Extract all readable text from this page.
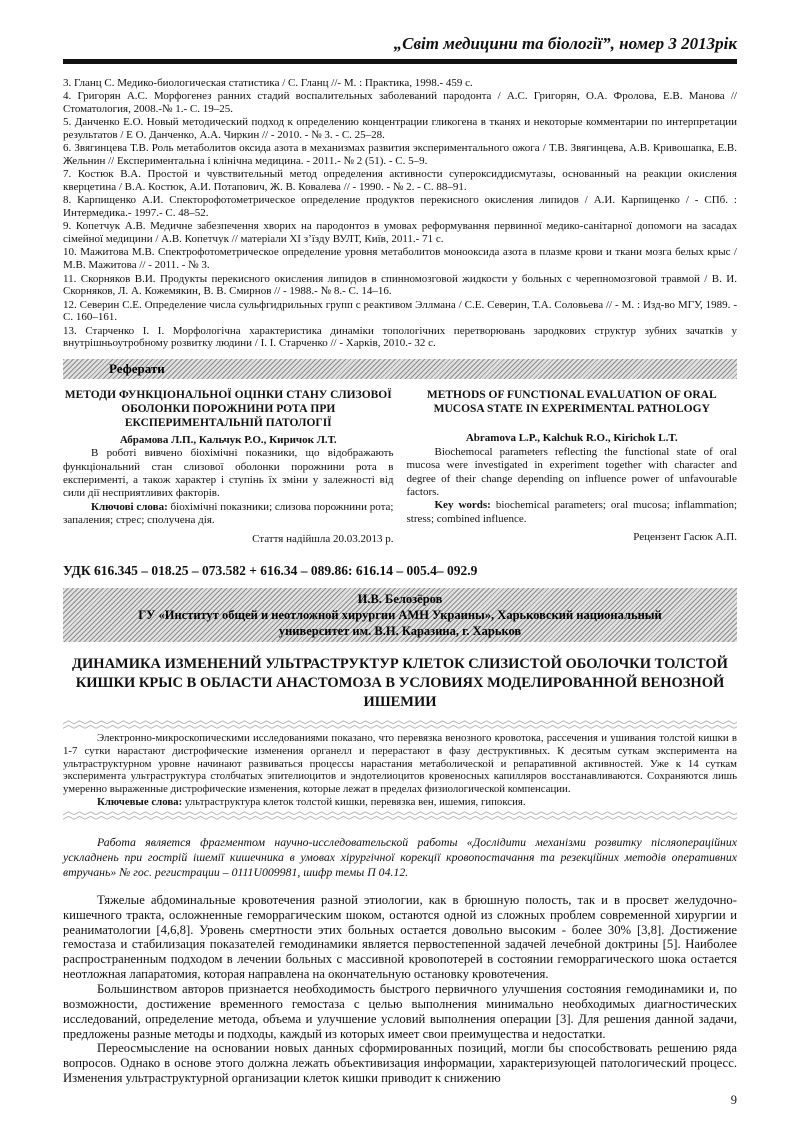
„Світ медицини та біології”, номер 3 2013рік

3. Гланц С. Медико-биологическая статистика / С. Гланц //- М. : Практика, 1998.- 459 с.

4. Григорян А.С. Морфогенез ранних стадий воспалительных заболеваний пародонта / А.С. Григорян, О.А. Фролова, Е.В. Манова // Стоматология, 2008.-№ 1.- С. 19–25.

5. Данченко Е.О. Новый методический подход к определению концентрации гликогена в тканях и некоторые комментарии по интерпретации результатов / Е О. Данченко, А.А. Чиркин // - 2010. - № 3. - С. 25–28.

6. Звягинцева Т.В. Роль метаболитов оксида азота в механизмах развития экспериментального ожога / Т.В. Звягинцева, А.В. Кривошапка, Е.В. Жельнин // Експериментальна і клінічна медицина. - 2011.- № 2 (51). - С. 5–9.

7. Костюк В.А. Простой и чувствительный метод определения активности супероксиддисмутазы, основанный на реакции окисления кверцетина / В.А. Костюк, А.И. Потапович, Ж. В. Ковалева // - 1990. - № 2. - С. 88–91.

8. Карпищенко А.И. Спекторофотометрическое определение продуктов перекисного окисления липидов / А.И. Карпищенко / - СПб. : Интермедика.- 1997.- С. 48–52.

9. Копетчук А.В. Медичне забезпечення хворих на пародонтоз в умовах реформування первинної медико-санітарної допомоги на засадах сімейної медицини / А.В. Копетчук // матеріали XI з’їзду ВУЛТ, Київ, 2011.- 71 с.

10. Мажитова М.В. Спектрофотометрическое определение уровня метаболитов монооксида азота в плазме крови и ткани мозга белых крыс / М.В. Мажитова // - 2011. - № 3.

11. Скорняков В.И. Продукты перекисного окисления липидов в спинномозговой жидкости у больных с черепномозговой травмой / В. И. Скорняков, Л. А. Кожемякин, В. В. Смирнов // - 1988.- № 8.- С. 14–16.

12. Северин С.Е. Определение числа сульфгидрильных групп с реактивом Эллмана / С.Е. Северин, Т.А. Соловьева // - М. : Изд-во МГУ, 1989. - С. 160–161.

13. Старченко І. І. Морфологічна характеристика динаміки топологічних перетворювань зародкових структур зубних зачатків у внутрішньоутробному розвитку людини / І. І. Старченко // - Харків, 2010.- 32 с.

Реферати
МЕТОДИ ФУНКЦІОНАЛЬНОЇ ОЦІНКИ СТАНУ СЛИЗОВОЇ ОБОЛОНКИ ПОРОЖНИНИ РОТА ПРИ ЕКСПЕРИМЕНТАЛЬНІЙ ПАТОЛОГІЇ
Абрамова Л.П., Кальчук Р.О., Киричок Л.Т.
В роботі вивчено біохімічні показники, що відображають функціональний стан слизової оболонки порожнини рота в експерименті, а також характер і ступінь їх зміни у залежності від сили дії несприятливих факторів.
Ключові слова: біохімічні показники; слизова порожнини рота; запаления; стрес; сполучена дія.
Стаття надійшла 20.03.2013 р.
METHODS OF FUNCTIONAL EVALUATION OF ORAL MUCOSA STATE IN EXPERIMENTAL PATHOLOGY
Abramova L.P., Kalchuk R.O., Kirichok L.T.
Biochemocal parameters reflecting the functional state of oral mucosa were investigated in experiment together with character and degree of their change depending on influence power of unfavourable factors.
Key words: biochemical parameters; oral mucosa; inflammation; stress; combined influence.
Рецензент Гасюк А.П.
УДК 616.345 – 018.25 – 073.582 + 616.34 – 089.86: 616.14 – 005.4– 092.9
И.В. Белозёров
ГУ «Институт общей и неотложной хирургии АМН Украины», Харьковский национальный
университет им. В.Н. Каразина, г. Харьков
ДИНАМИКА ИЗМЕНЕНИЙ УЛЬТРАСТРУКТУР КЛЕТОК СЛИЗИСТОЙ ОБОЛОЧКИ ТОЛСТОЙ КИШКИ КРЫС В ОБЛАСТИ АНАСТОМОЗА В УСЛОВИЯХ МОДЕЛИРОВАННОЙ ВЕНОЗНОЙ ИШЕМИИ
Электронно-микроскопическими исследованиями показано, что перевязка венозного кровотока, рассечения и ушивания толстой кишки в 1-7 сутки нарастают дистрофические изменения органелл и перерастают в фазу деструктивных. К десятым суткам эксперимента на ультраструктурном уровне начинают развиваться процессы нарастания метаболической и репаративной активностей. Уже к 14 суткам эксперимента ультраструктура столбчатых эпителиоцитов и эндотелиоцитов кровеносных капилляров восстанавливаются. Сохраняются лишь умеренно выраженные дистрофические изменения, которые лежат в пределах физиологической компенсации.
Ключевые слова: ультраструктура клеток толстой кишки, перевязка вен, ишемия, гипоксия.
Работа является фрагментом научно-исследовательской работы «Дослідити механізми розвитку післяопераційних ускладнень при гострій ішемії кишечника в умовах хірургічної корекції кровопостачання та резекційних методів оперативних втручань» № гос. регистрации – 0111U009981, шифр темы П 04.12.

Тяжелые абдоминальные кровотечения разной этиологии, как в брюшную полость, так и в просвет желудочно-кишечного тракта, осложненные геморрагическим шоком, остаются одной из сложных проблем современной хирургии и реаниматологии [4,6,8]. Уровень смертности этих больных остается довольно высоким - более 30% [3,8]. Достижение гемостаза и стабилизация показателей гемодинамики является первостепенной задачей лечебной доктрины [5]. Наиболее распространенным подходом в лечении больных с массивной кровопотерей в состоянии геморрагического шока остается неотложная лапаратомия, которая направлена на окончательную остановку кровотечения.

Большинством авторов признается необходимость быстрого первичного улучшения состояния гемодинамики и, по возможности, достижение временного гемостаза с целью выполнения минимально необходимых диагностических исследований, определение метода, объема и улучшение условий выполнения операции [3]. Для решения данной задачи, предложены разные методы и подходы, каждый из которых имеет свои преимущества и недостатки.

Переосмысление на основании новых данных сформированных позиций, могли бы способствовать решению ряда вопросов. Однако в основе этого должна лежать объективизация информации, характеризующей патологический процесс. Изменения ультраструктурной организации клеток кишки приводит к снижению

9
